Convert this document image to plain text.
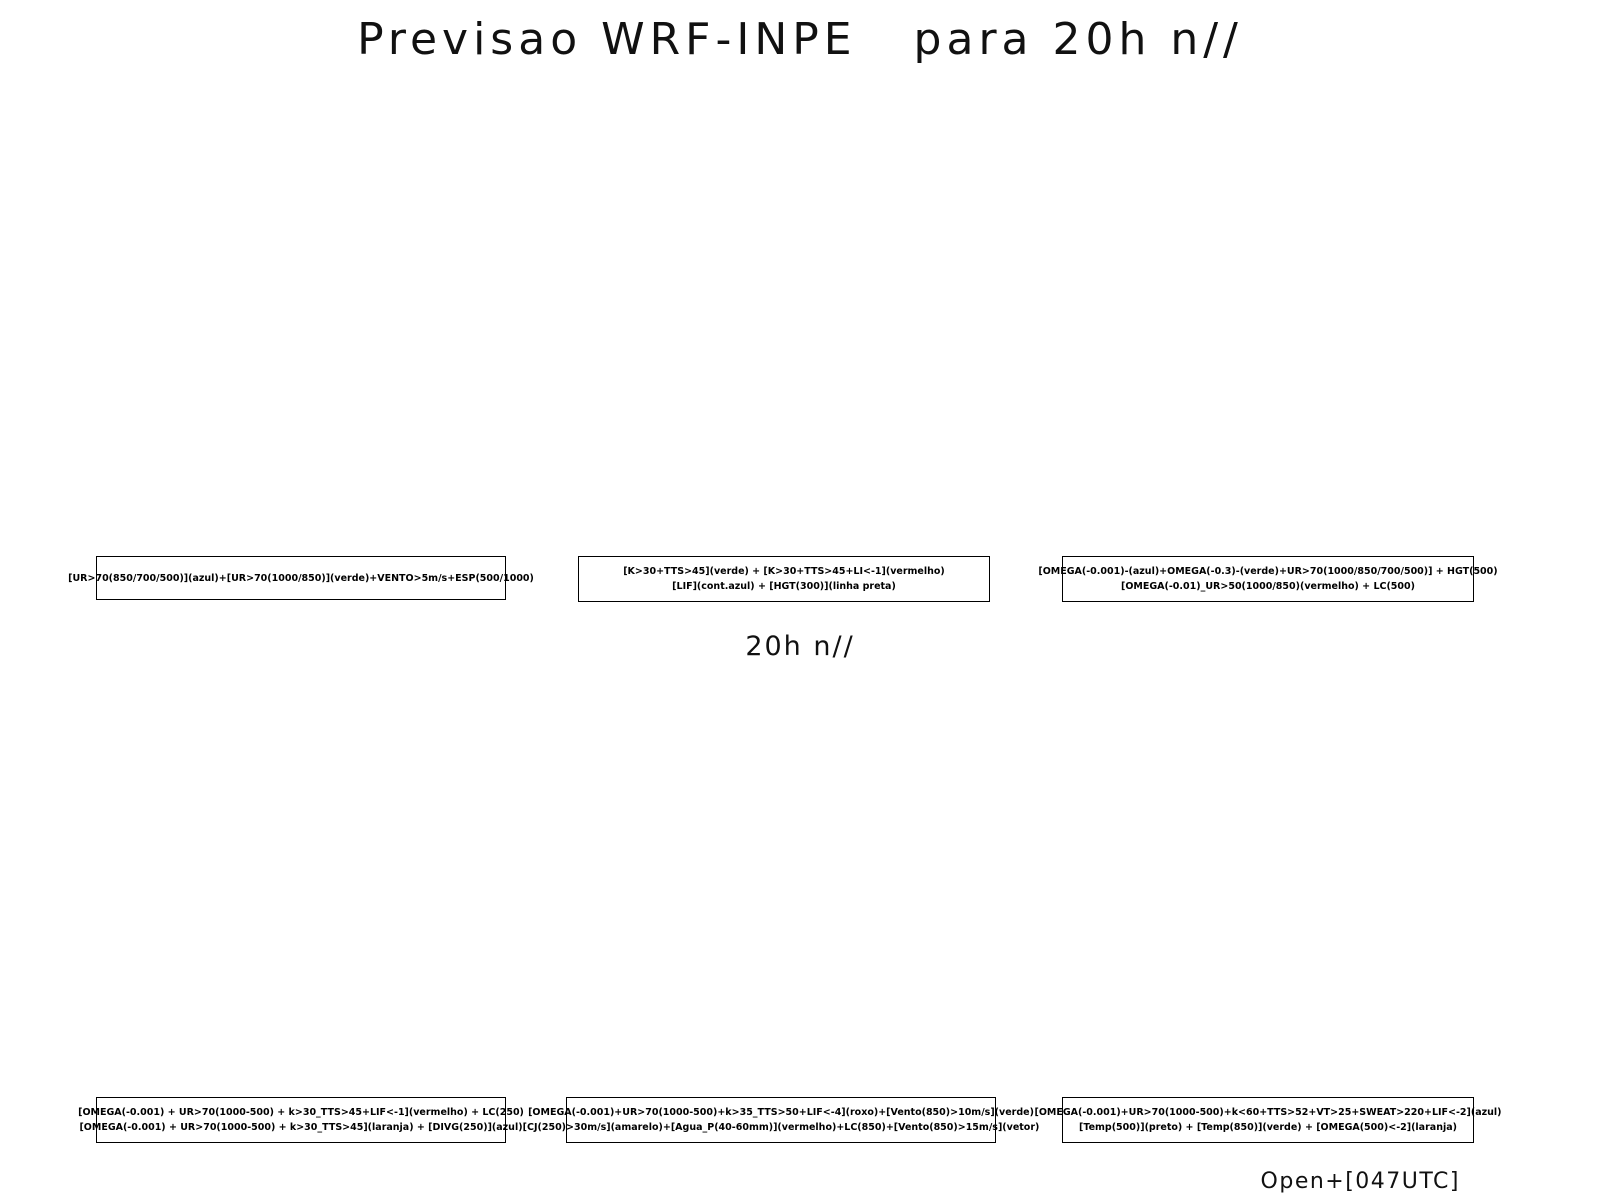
Previsao WRF-INPE   para 20h n//
[UR>70(850/700/500)](azul)+[UR>70(1000/850)](verde)+VENTO>5m/s+ESP(500/1000)
[K>30+TTS>45](verde) + [K>30+TTS>45+LI<-1](vermelho)
[LIF](cont.azul) + [HGT(300)](linha preta)
[OMEGA(-0.001)-(azul)+OMEGA(-0.3)-(verde)+UR>70(1000/850/700/500)] + HGT(500)
[OMEGA(-0.01)_UR>50(1000/850)(vermelho) + LC(500)
20h n//
[OMEGA(-0.001) + UR>70(1000-500) + k>30_TTS>45+LIF<-1](vermelho) + LC(250)
[OMEGA(-0.001) + UR>70(1000-500) + k>30_TTS>45](laranja) + [DIVG(250)](azul)
[OMEGA(-0.001)+UR>70(1000-500)+k>35_TTS>50+LIF<-4](roxo)+[Vento(850)>10m/s](verde)
[CJ(250)>30m/s](amarelo)+[Agua_P(40-60mm)](vermelho)+LC(850)+[Vento(850)>15m/s](vetor)
[OMEGA(-0.001)+UR>70(1000-500)+k<60+TTS>52+VT>25+SWEAT>220+LIF<-2](azul)
[Temp(500)](preto) + [Temp(850)](verde) + [OMEGA(500)<-2](laranja)
Open+[047UTC]
